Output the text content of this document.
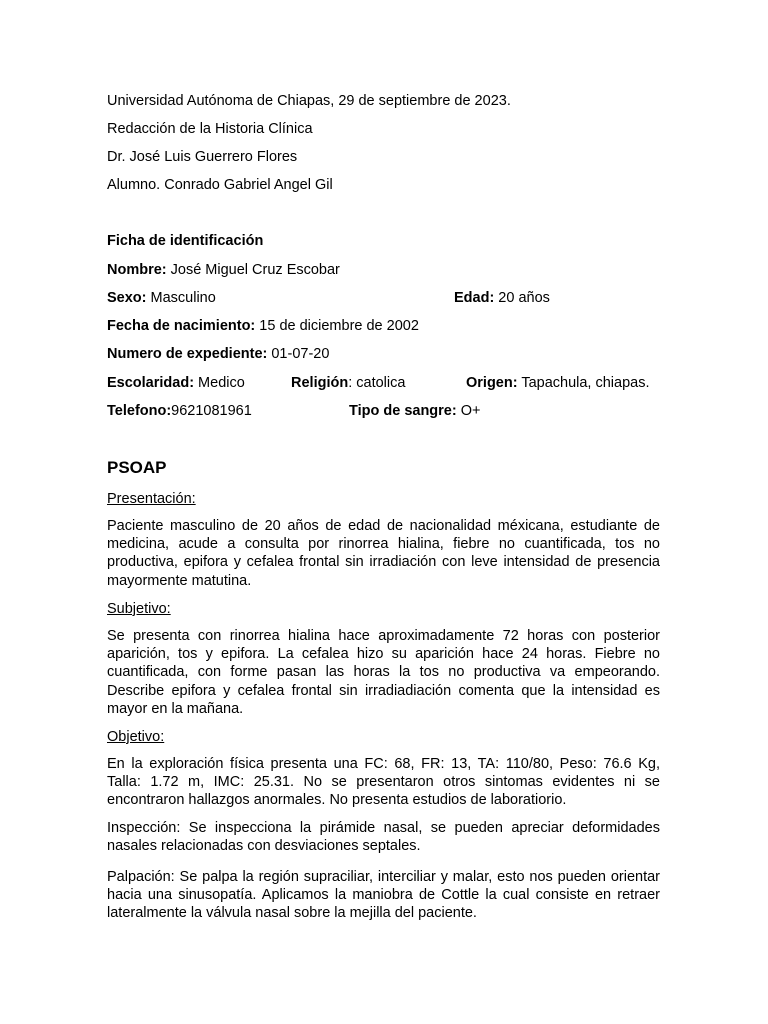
Universidad Autónoma de Chiapas, 29 de septiembre de 2023.
Redacción de la Historia Clínica
Dr. José Luis Guerrero Flores
Alumno. Conrado Gabriel Angel Gil
Ficha de identificación
Nombre: José Miguel Cruz Escobar
Sexo: Masculino	Edad: 20 años
Fecha de nacimiento: 15 de diciembre de 2002
Numero de expediente: 01-07-20
Escolaridad: Medico	Religión: catolica	Origen: Tapachula, chiapas.
Telefono:9621081961	Tipo de sangre: O+
PSOAP
Presentación:
Paciente masculino de 20 años de edad de nacionalidad méxicana, estudiante de medicina, acude a consulta por rinorrea hialina, fiebre no cuantificada, tos no productiva, epifora y cefalea frontal sin irradiación con leve intensidad de presencia mayormente matutina.
Subjetivo:
Se presenta con rinorrea hialina hace aproximadamente 72 horas con posterior aparición, tos y epifora. La cefalea hizo su aparición hace 24 horas. Fiebre no cuantificada, con forme pasan las horas la tos no productiva va empeorando. Describe epifora y cefalea frontal sin irradiadiación comenta que la intensidad es mayor en la mañana.
Objetivo:
En la exploración física presenta una FC: 68, FR: 13, TA: 110/80, Peso: 76.6 Kg, Talla: 1.72 m, IMC: 25.31. No se presentaron otros sintomas evidentes ni se encontraron hallazgos anormales. No presenta estudios de laboratiorio.
Inspección: Se inspecciona la pirámide nasal, se pueden apreciar deformidades nasales relacionadas con desviaciones septales.
Palpación: Se palpa la región supraciliar, interciliar y malar, esto nos pueden orientar hacia una sinusopatía. Aplicamos la maniobra de Cottle la cual consiste en retraer lateralmente la válvula nasal sobre la mejilla del paciente.
